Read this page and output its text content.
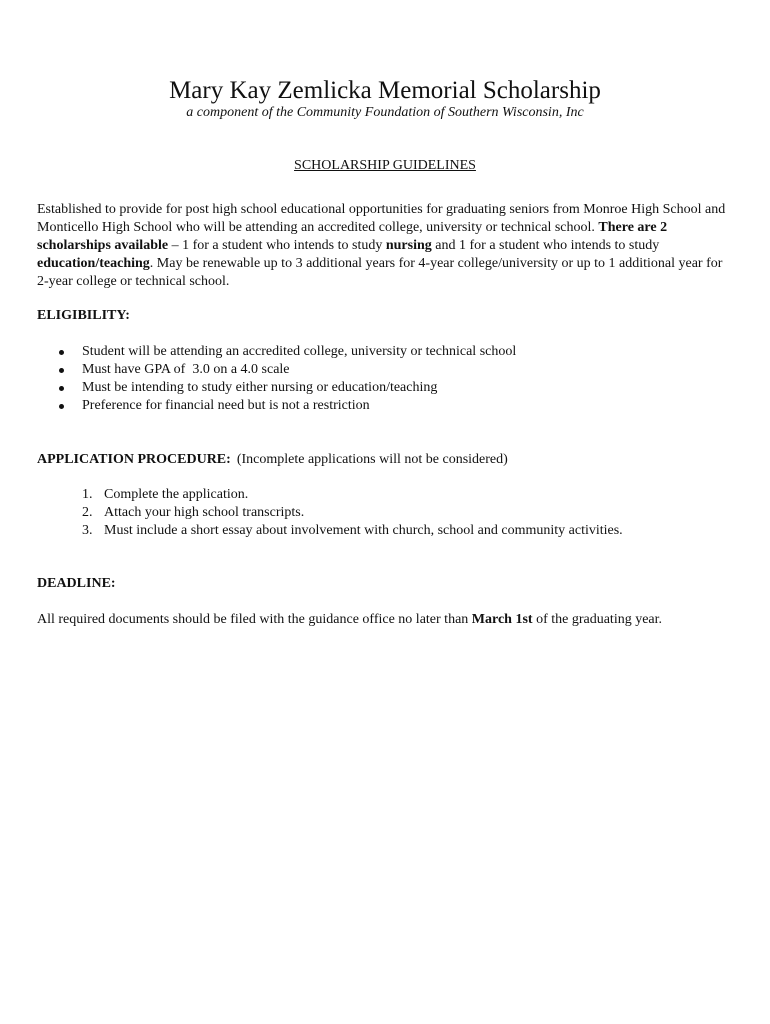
Mary Kay Zemlicka Memorial Scholarship

a component of the Community Foundation of Southern Wisconsin, Inc

SCHOLARSHIP GUIDELINES

Established to provide for post high school educational opportunities for graduating seniors from Monroe High School and Monticello High School who will be attending an accredited college, university or technical school. There are 2 scholarships available – 1 for a student who intends to study nursing and 1 for a student who intends to study education/teaching. May be renewable up to 3 additional years for 4-year college/university or up to 1 additional year for 2-year college or technical school.

ELIGIBILITY:

Student will be attending an accredited college, university or technical school
Must have GPA of  3.0 on a 4.0 scale
Must be intending to study either nursing or education/teaching
Preference for financial need but is not a restriction

APPLICATION PROCEDURE: (Incomplete applications will not be considered)

1. Complete the application.
2. Attach your high school transcripts.
3. Must include a short essay about involvement with church, school and community activities.

DEADLINE:

All required documents should be filed with the guidance office no later than March 1st of the graduating year.
